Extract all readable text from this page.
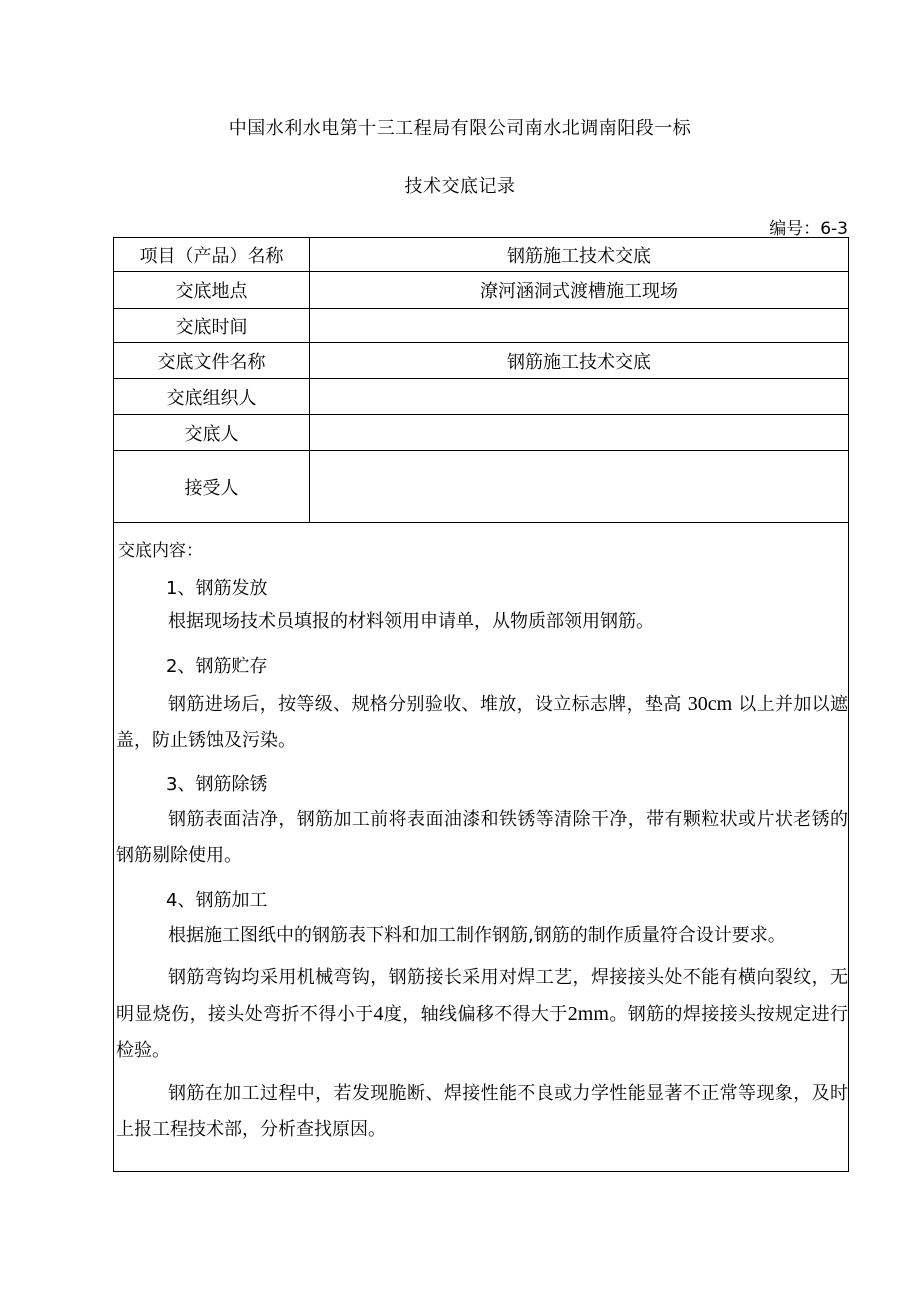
中国水利水电第十三工程局有限公司南水北调南阳段一标
技术交底记录
编号：6-3
项目（产品）名称	钢筋施工技术交底
交底地点	潦河涵洞式渡槽施工现场
交底时间	
交底文件名称	钢筋施工技术交底
交底组织人	
交底人	
接受人	
交底内容：
1、钢筋发放
根据现场技术员填报的材料领用申请单，从物质部领用钢筋。
2、钢筋贮存
钢筋进场后，按等级、规格分别验收、堆放，设立标志牌，垫高 30cm 以上并加以遮盖，防止锈蚀及污染。
3、钢筋除锈
钢筋表面洁净，钢筋加工前将表面油漆和铁锈等清除干净，带有颗粒状或片状老锈的钢筋剔除使用。
4、钢筋加工
根据施工图纸中的钢筋表下料和加工制作钢筋,钢筋的制作质量符合设计要求。
钢筋弯钩均采用机械弯钩，钢筋接长采用对焊工艺，焊接接头处不能有横向裂纹，无明显烧伤，接头处弯折不得小于4度，轴线偏移不得大于2mm。钢筋的焊接接头按规定进行检验。
钢筋在加工过程中，若发现脆断、焊接性能不良或力学性能显著不正常等现象，及时上报工程技术部，分析查找原因。
